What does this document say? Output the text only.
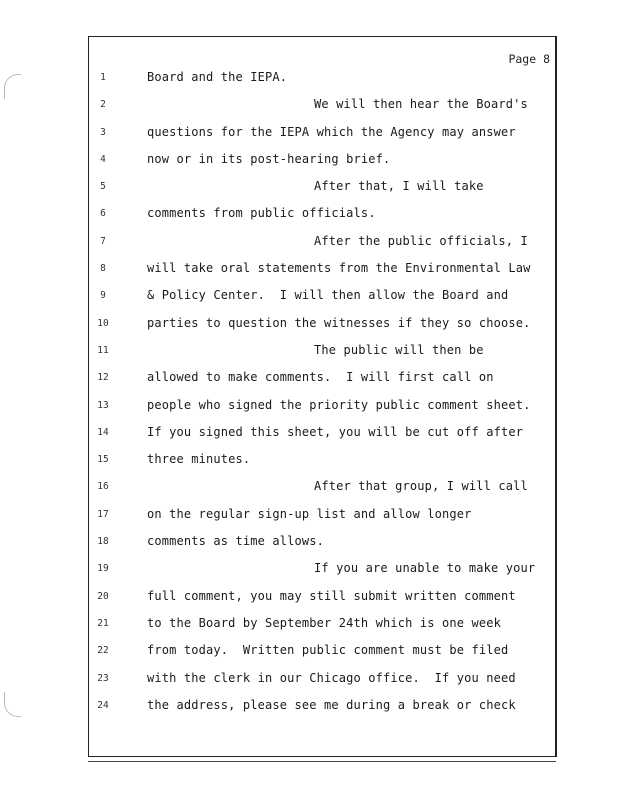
Page 8
1	Board and the IEPA.
2	We will then hear the Board's
3	questions for the IEPA which the Agency may answer
4	now or in its post-hearing brief.
5	After that, I will take
6	comments from public officials.
7	After the public officials, I
8	will take oral statements from the Environmental Law
9	& Policy Center.  I will then allow the Board and
10	parties to question the witnesses if they so choose.
11	The public will then be
12	allowed to make comments.  I will first call on
13	people who signed the priority public comment sheet.
14	If you signed this sheet, you will be cut off after
15	three minutes.
16	After that group, I will call
17	on the regular sign-up list and allow longer
18	comments as time allows.
19	If you are unable to make your
20	full comment, you may still submit written comment
21	to the Board by September 24th which is one week
22	from today.  Written public comment must be filed
23	with the clerk in our Chicago office.  If you need
24	the address, please see me during a break or check
